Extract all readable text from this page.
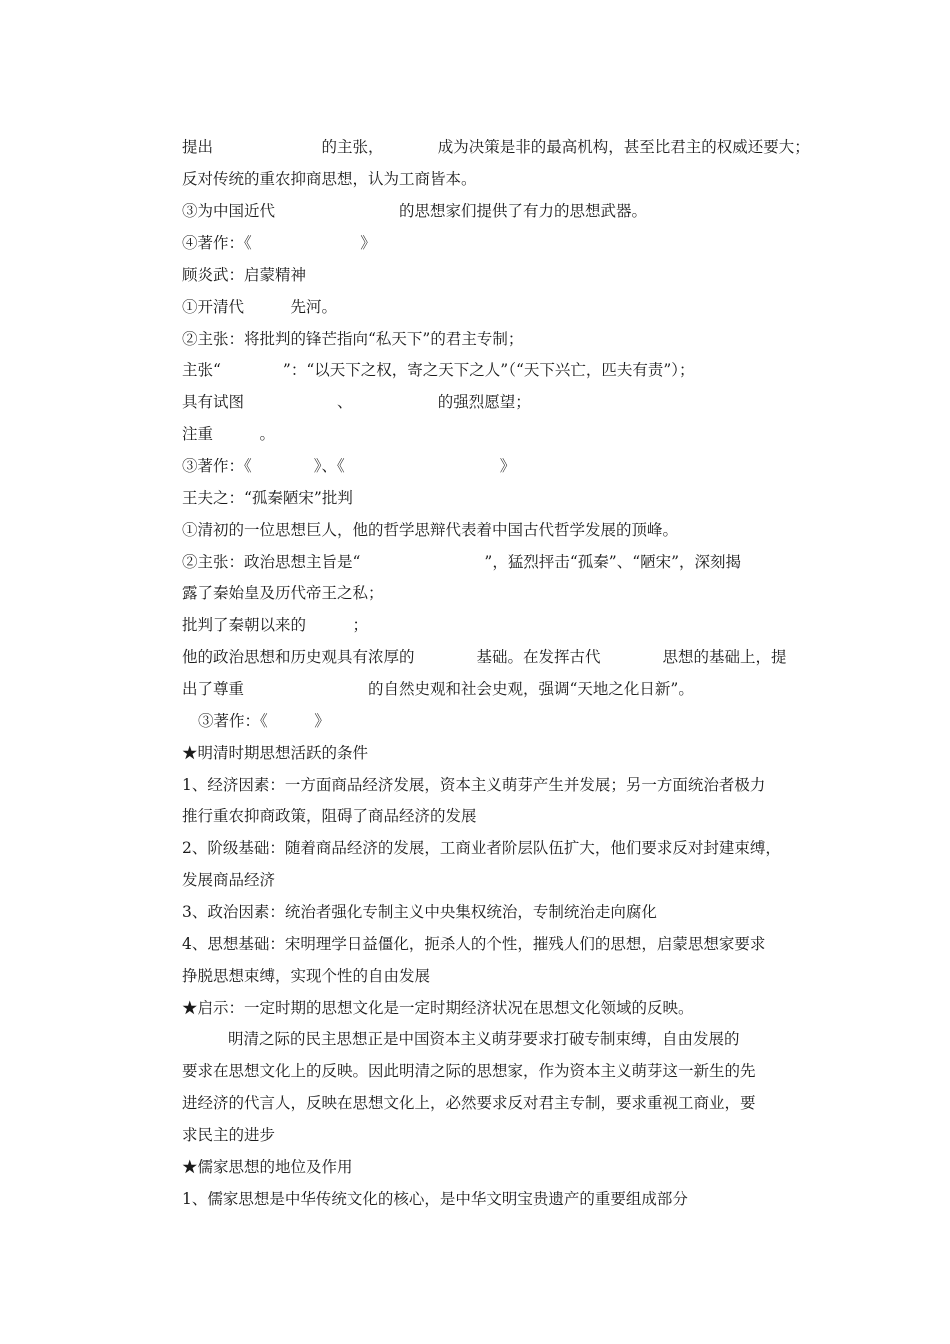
提出　　　　　　　的主张，　　　　成为决策是非的最高机构，甚至比君主的权威还要大；
反对传统的重农抑商思想，认为工商皆本。
③为中国近代　　　　　　　　的思想家们提供了有力的思想武器。
④著作：《　　　　　　　》
顾炎武：启蒙精神
①开清代　　　先河。
②主张：将批判的锋芒指向“私天下”的君主专制；
主张“　　　　”：“以天下之权，寄之天下之人”（“天下兴亡，匹夫有责”）；
具有试图　　　　　　、　　　　　　的强烈愿望；
注重　　　。
③著作：《　　　　》、《　　　　　　　　　　》
王夫之：“孤秦陋宋”批判
①清初的一位思想巨人，他的哲学思辩代表着中国古代哲学发展的顶峰。
②主张：政治思想主旨是“　　　　　　　　”，猛烈抨击“孤秦”、“陋宋”，深刻揭
露了秦始皇及历代帝王之私；
批判了秦朝以来的　　　；
他的政治思想和历史观具有浓厚的　　　　基础。在发挥古代　　　　思想的基础上，提
出了尊重　　　　　　　　的自然史观和社会史观，强调“天地之化日新”。
③著作：《　　　》
★明清时期思想活跃的条件
1、经济因素：一方面商品经济发展，资本主义萌芽产生并发展；另一方面统治者极力
推行重农抑商政策，阻碍了商品经济的发展
2、阶级基础：随着商品经济的发展，工商业者阶层队伍扩大，他们要求反对封建束缚，
发展商品经济
3、政治因素：统治者强化专制主义中央集权统治，专制统治走向腐化
4、思想基础：宋明理学日益僵化，扼杀人的个性，摧残人们的思想，启蒙思想家要求
挣脱思想束缚，实现个性的自由发展
★启示：一定时期的思想文化是一定时期经济状况在思想文化领域的反映。
明清之际的民主思想正是中国资本主义萌芽要求打破专制束缚，自由发展的
要求在思想文化上的反映。因此明清之际的思想家，作为资本主义萌芽这一新生的先
进经济的代言人，反映在思想文化上，必然要求反对君主专制，要求重视工商业，要
求民主的进步
★儒家思想的地位及作用
1、儒家思想是中华传统文化的核心，是中华文明宝贵遗产的重要组成部分
